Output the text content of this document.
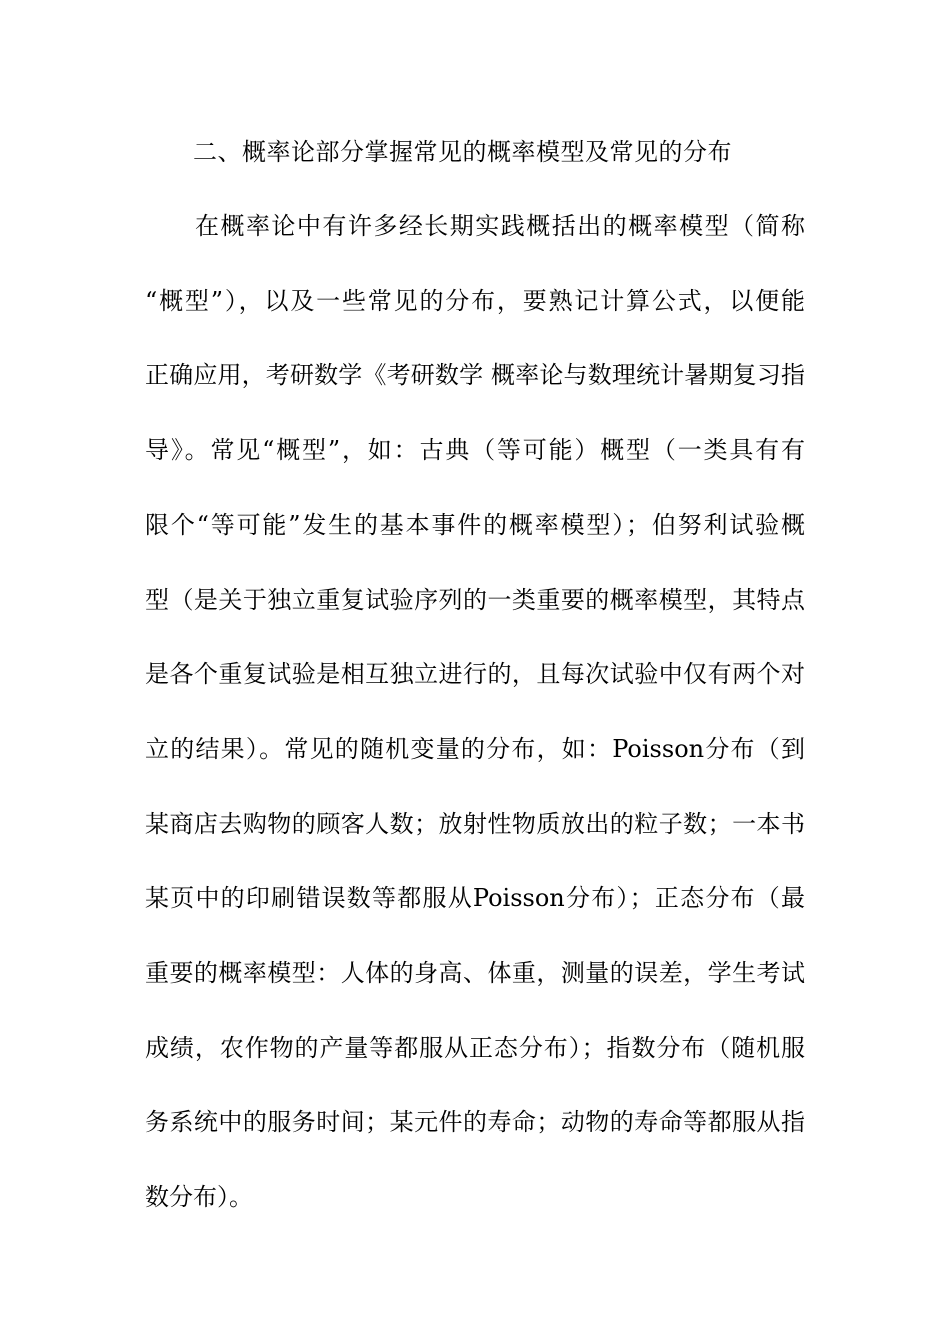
二、概率论部分掌握常见的概率模型及常见的分布
在概率论中有许多经长期实践概括出的概率模型（简称
“概型”），以及一些常见的分布，要熟记计算公式，以便能
正确应用，考研数学《考研数学 概率论与数理统计暑期复习指
导》。常见“概型”，如：古典（等可能）概型（一类具有有
限个“等可能”发生的基本事件的概率模型）；伯努利试验概
型（是关于独立重复试验序列的一类重要的概率模型，其特点
是各个重复试验是相互独立进行的，且每次试验中仅有两个对
立的结果）。常见的随机变量的分布，如：Poisson分布（到
某商店去购物的顾客人数；放射性物质放出的粒子数；一本书
某页中的印刷错误数等都服从Poisson分布）；正态分布（最
重要的概率模型：人体的身高、体重，测量的误差，学生考试
成绩，农作物的产量等都服从正态分布）；指数分布（随机服
务系统中的服务时间；某元件的寿命；动物的寿命等都服从指
数分布）。
